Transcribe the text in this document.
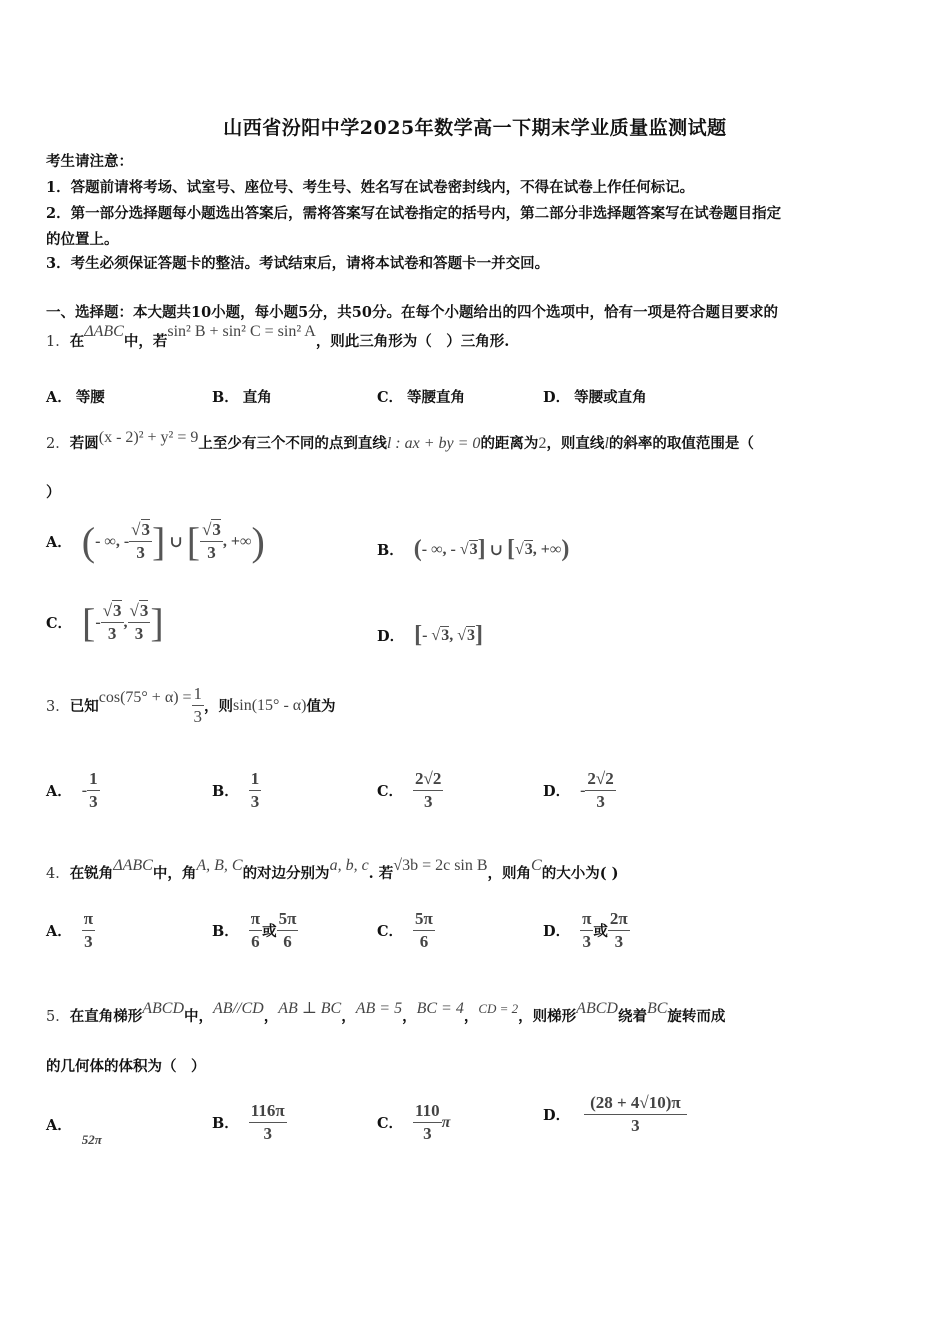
山西省汾阳中学2025年数学高一下期末学业质量监测试题
考生请注意：
1．答题前请将考场、试室号、座位号、考生号、姓名写在试卷密封线内，不得在试卷上作任何标记。
2．第一部分选择题每小题选出答案后，需将答案写在试卷指定的括号内，第二部分非选择题答案写在试卷题目指定
的位置上。
3．考生必须保证答题卡的整洁。考试结束后，请将本试卷和答题卡一并交回。
一、选择题：本大题共10小题，每小题5分，共50分。在每个小题给出的四个选项中，恰有一项是符合题目要求的
1．在ΔABC中，若sin² B + sin² C = sin² A，则此三角形为（　）三角形.
A． 等腰	B． 直角	C． 等腰直角	D． 等腰或直角
2．若圆(x - 2)² + y² = 9上至少有三个不同的点到直线l : ax + by = 0的距离为2，则直线l的斜率的取值范围是（
）
A． ( - ∞, - $\frac{√3}{3}$ ] ∪ [ $\frac{√3}{3}$ , +∞ )	B． ( - ∞, - √3 ] ∪ [ √3, +∞ )
C． [ - $\frac{√3}{3}$ , $\frac{√3}{3}$ ]	D． [ - √3, √3 ]
3． 已知
$\cos(75^\circ + \alpha) = \frac{1}{3}$ ，则 sin(15° - α) 值为
A． - $\frac{1}{3}$	B． $\frac{1}{3}$	C． $\frac{2√2}{3}$	D． - $\frac{2√2}{3}$
4．在锐角ΔABC中，角A, B, C的对边分别为a, b, c. 若√3b = 2c sin B，则角C的大小为( )
A． $\frac{\pi}{3}$	B． $\frac{\pi}{6}$ 或 $\frac{5\pi}{6}$	C． $\frac{5\pi}{6}$	D． $\frac{\pi}{3}$ 或 $\frac{2\pi}{3}$
5．在直角梯形ABCD中，AB//CD，AB ⊥ BC，AB = 5，BC = 4，CD = 2，则梯形ABCD绕着BC旋转而成
的几何体的体积为（　）
A．52π
B． $\frac{116\pi}{3}$	C． $\frac{110}{3}$ π	D． $\frac{(28 + 4√10)\pi}{3}$
